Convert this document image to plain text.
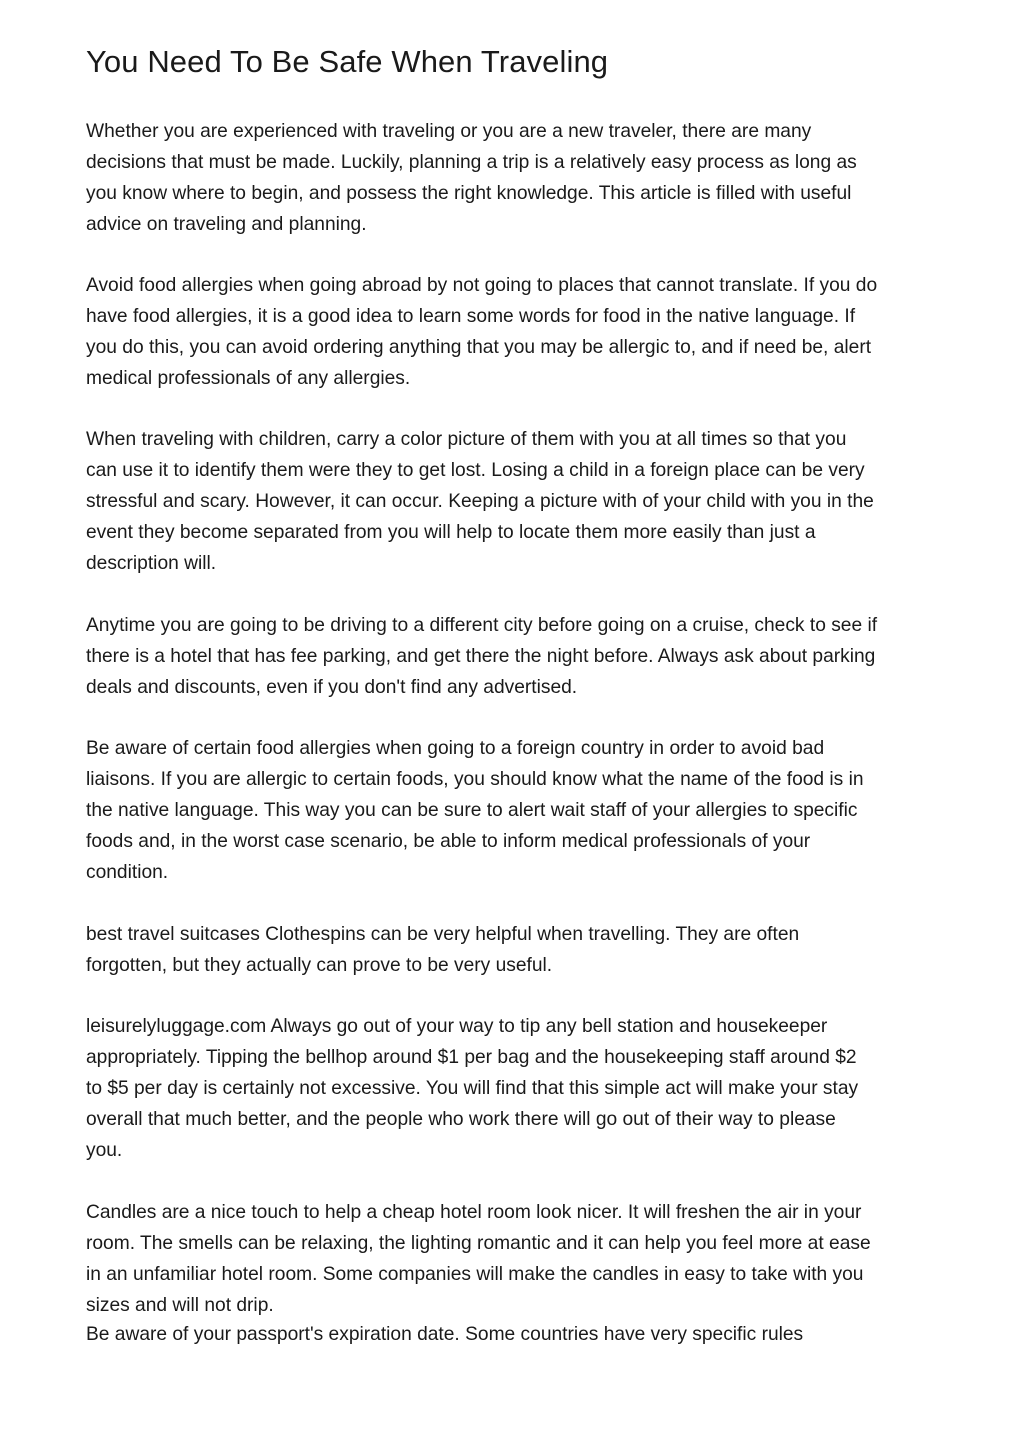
You Need To Be Safe When Traveling

Whether you are experienced with traveling or you are a new traveler, there are many
decisions that must be made. Luckily, planning a trip is a relatively easy process as long as
you know where to begin, and possess the right knowledge. This article is filled with useful
advice on traveling and planning.

Avoid food allergies when going abroad by not going to places that cannot translate. If you do
have food allergies, it is a good idea to learn some words for food in the native language. If
you do this, you can avoid ordering anything that you may be allergic to, and if need be, alert
medical professionals of any allergies.

When traveling with children, carry a color picture of them with you at all times so that you
can use it to identify them were they to get lost. Losing a child in a foreign place can be very
stressful and scary. However, it can occur. Keeping a picture with of your child with you in the
event they become separated from you will help to locate them more easily than just a
description will.

Anytime you are going to be driving to a different city before going on a cruise, check to see if
there is a hotel that has fee parking, and get there the night before. Always ask about parking
deals and discounts, even if you don't find any advertised.

Be aware of certain food allergies when going to a foreign country in order to avoid bad
liaisons. If you are allergic to certain foods, you should know what the name of the food is in
the native language. This way you can be sure to alert wait staff of your allergies to specific
foods and, in the worst case scenario, be able to inform medical professionals of your
condition.

best travel suitcases Clothespins can be very helpful when travelling. They are often
forgotten, but they actually can prove to be very useful.

leisurelyluggage.com Always go out of your way to tip any bell station and housekeeper
appropriately. Tipping the bellhop around $1 per bag and the housekeeping staff around $2
to $5 per day is certainly not excessive. You will find that this simple act will make your stay
overall that much better, and the people who work there will go out of their way to please
you.

Candles are a nice touch to help a cheap hotel room look nicer. It will freshen the air in your
room. The smells can be relaxing, the lighting romantic and it can help you feel more at ease
in an unfamiliar hotel room. Some companies will make the candles in easy to take with you
sizes and will not drip.

Be aware of your passport's expiration date. Some countries have very specific rules
